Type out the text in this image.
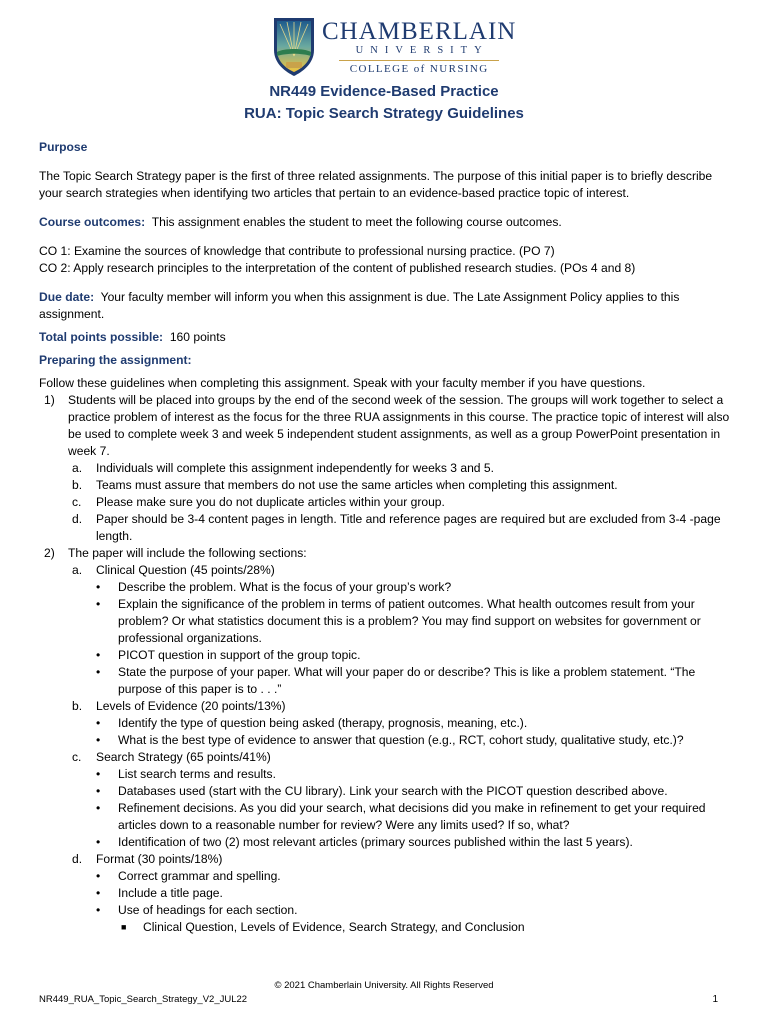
CHAMBERLAIN
UNIVERSITY
COLLEGE of NURSING
NR449 Evidence-Based Practice
RUA: Topic Search Strategy Guidelines

Purpose

The Topic Search Strategy paper is the first of three related assignments. The purpose of this initial paper is to briefly describe your search strategies when identifying two articles that pertain to an evidence-based practice topic of interest.

Course outcomes: This assignment enables the student to meet the following course outcomes.

CO 1: Examine the sources of knowledge that contribute to professional nursing practice. (PO 7)

CO 2: Apply research principles to the interpretation of the content of published research studies. (POs 4 and 8)

Due date: Your faculty member will inform you when this assignment is due. The Late Assignment Policy applies to this assignment.

Total points possible: 160 points

Preparing the assignment:

Follow these guidelines when completing this assignment. Speak with your faculty member if you have questions.

1)	Students will be placed into groups by the end of the second week of the session. The groups will work together to select a practice problem of interest as the focus for the three RUA assignments in this course. The practice topic of interest will also be used to complete week 3 and week 5 independent student assignments, as well as a group PowerPoint presentation in week 7.
a.	Individuals will complete this assignment independently for weeks 3 and 5.
b.	Teams must assure that members do not use the same articles when completing this assignment.
c.	Please make sure you do not duplicate articles within your group.
d.	Paper should be 3-4 content pages in length. Title and reference pages are required but are excluded from 3-4 -page length.
2)	The paper will include the following sections:
a.	Clinical Question (45 points/28%)
•	Describe the problem. What is the focus of your group’s work?
•	Explain the significance of the problem in terms of patient outcomes. What health outcomes result from your problem? Or what statistics document this is a problem? You may find support on websites for government or professional organizations.
•	PICOT question in support of the group topic.
•	State the purpose of your paper. What will your paper do or describe? This is like a problem statement. “The purpose of this paper is to . . .”
b.	Levels of Evidence (20 points/13%)
•	Identify the type of question being asked (therapy, prognosis, meaning, etc.).
•	What is the best type of evidence to answer that question (e.g., RCT, cohort study, qualitative study, etc.)?
c.	Search Strategy (65 points/41%)
•	List search terms and results.
•	Databases used (start with the CU library). Link your search with the PICOT question described above.
•	Refinement decisions. As you did your search, what decisions did you make in refinement to get your required articles down to a reasonable number for review? Were any limits used? If so, what?
•	Identification of two (2) most relevant articles (primary sources published within the last 5 years).
d.	Format (30 points/18%)
•	Correct grammar and spelling.
•	Include a title page.
•	Use of headings for each section.
■	Clinical Question, Levels of Evidence, Search Strategy, and Conclusion
© 2021 Chamberlain University. All Rights Reserved
NR449_RUA_Topic_Search_Strategy_V2_JUL22	1
